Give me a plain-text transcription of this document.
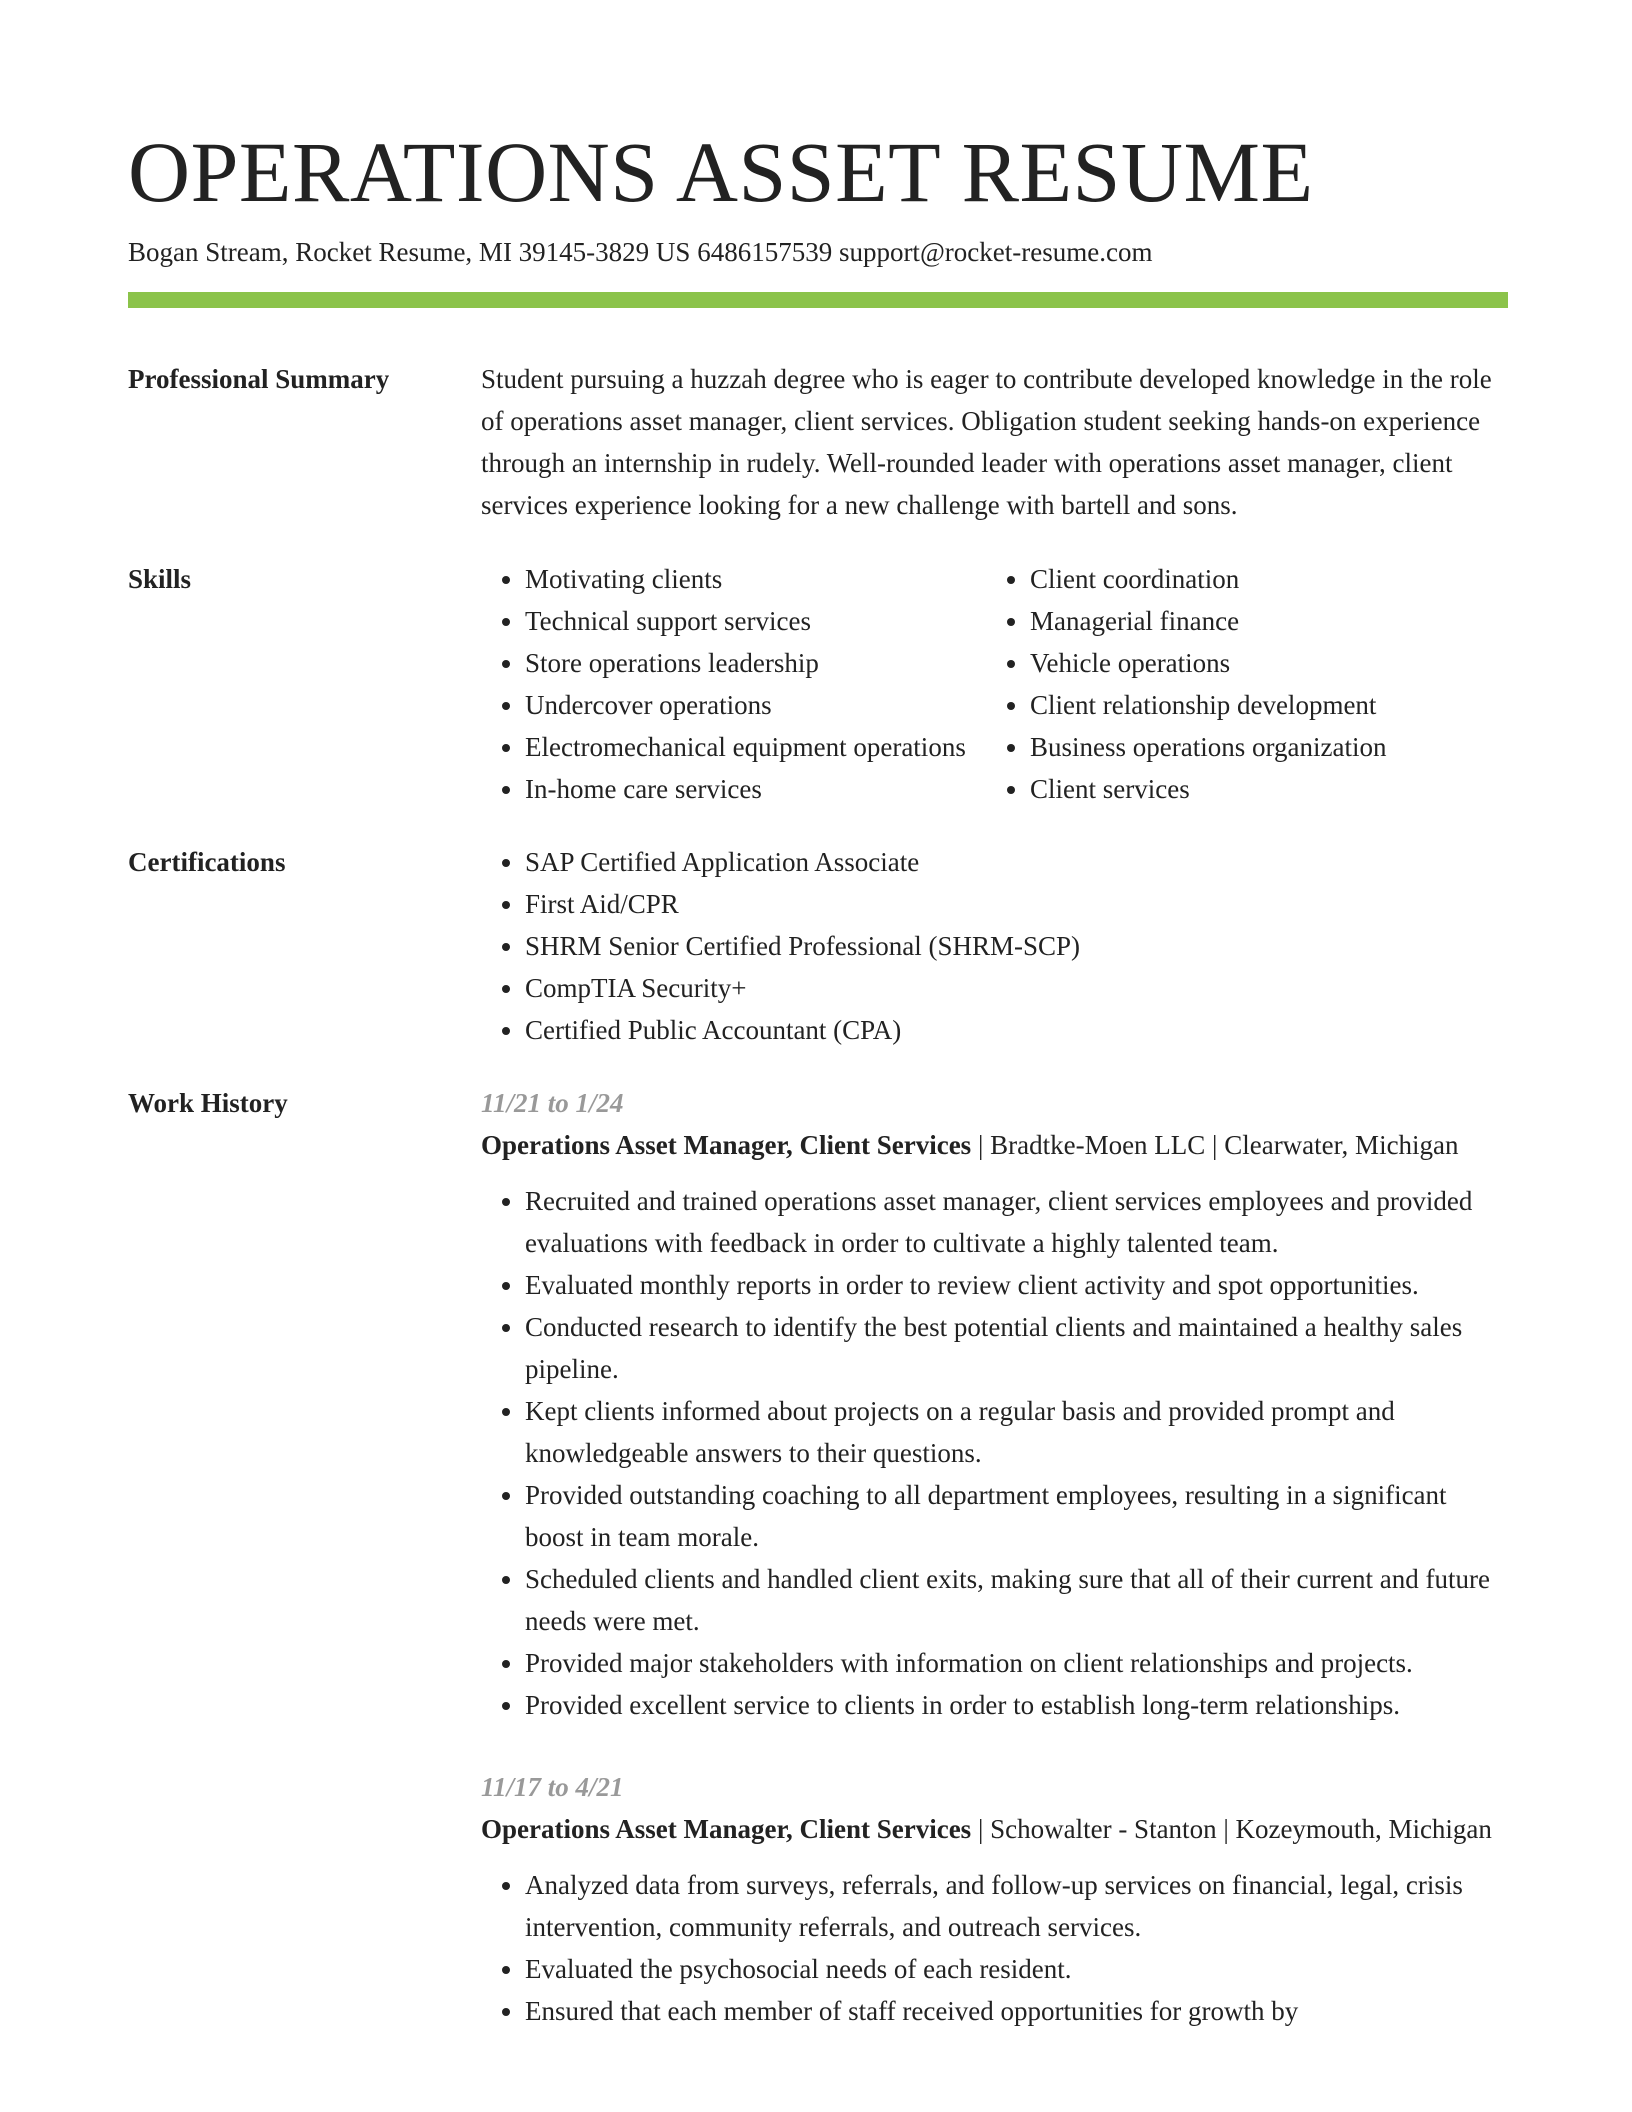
OPERATIONS ASSET RESUME
Bogan Stream, Rocket Resume, MI 39145-3829 US 6486157539 support@rocket-resume.com
Professional Summary	Student pursuing a huzzah degree who is eager to contribute developed knowledge in the role of operations asset manager, client services. Obligation student seeking hands-on experience through an internship in rudely. Well-rounded leader with operations asset manager, client services experience looking for a new challenge with bartell and sons.

Skills	• Motivating clients
• Technical support services
• Store operations leadership
• Undercover operations
• Electromechanical equipment operations
• In-home care services
• Client coordination
• Managerial finance
• Vehicle operations
• Client relationship development
• Business operations organization
• Client services
Certifications	• SAP Certified Application Associate
• First Aid/CPR
• SHRM Senior Certified Professional (SHRM-SCP)
• CompTIA Security+
• Certified Public Accountant (CPA)
Work History	11/21 to 1/24
Operations Asset Manager, Client Services | Bradtke-Moen LLC | Clearwater, Michigan
• Recruited and trained operations asset manager, client services employees and provided evaluations with feedback in order to cultivate a highly talented team.
• Evaluated monthly reports in order to review client activity and spot opportunities.
• Conducted research to identify the best potential clients and maintained a healthy sales pipeline.
• Kept clients informed about projects on a regular basis and provided prompt and knowledgeable answers to their questions.
• Provided outstanding coaching to all department employees, resulting in a significant boost in team morale.
• Scheduled clients and handled client exits, making sure that all of their current and future needs were met.
• Provided major stakeholders with information on client relationships and projects.
• Provided excellent service to clients in order to establish long-term relationships.
11/17 to 4/21
Operations Asset Manager, Client Services | Schowalter - Stanton | Kozeymouth, Michigan
• Analyzed data from surveys, referrals, and follow-up services on financial, legal, crisis intervention, community referrals, and outreach services.
• Evaluated the psychosocial needs of each resident.
• Ensured that each member of staff received opportunities for growth by
